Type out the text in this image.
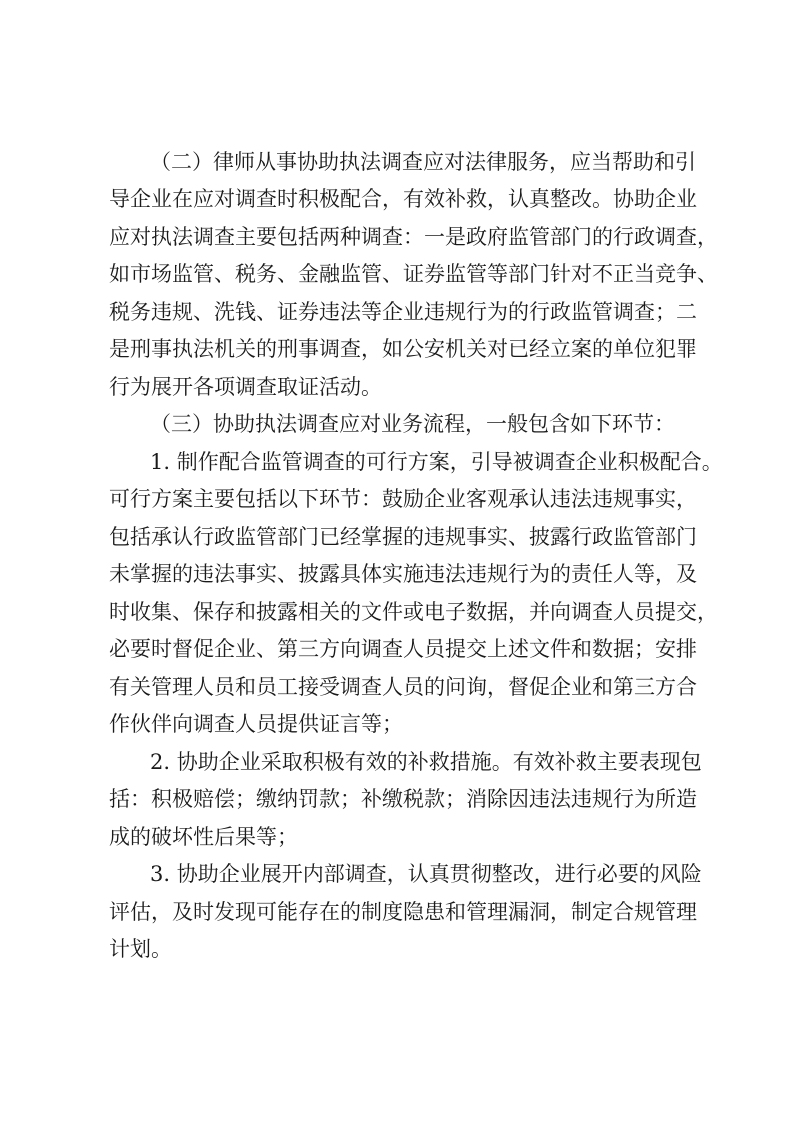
（二）律师从事协助执法调查应对法律服务，应当帮助和引
导企业在应对调查时积极配合，有效补救，认真整改。协助企业
应对执法调查主要包括两种调查：一是政府监管部门的行政调查，
如市场监管、税务、金融监管、证券监管等部门针对不正当竞争、
税务违规、洗钱、证券违法等企业违规行为的行政监管调查；二
是刑事执法机关的刑事调查，如公安机关对已经立案的单位犯罪
行为展开各项调查取证活动。
（三）协助执法调查应对业务流程，一般包含如下环节：
1. 制作配合监管调查的可行方案，引导被调查企业积极配合。
可行方案主要包括以下环节：鼓励企业客观承认违法违规事实，
包括承认行政监管部门已经掌握的违规事实、披露行政监管部门
未掌握的违法事实、披露具体实施违法违规行为的责任人等，及
时收集、保存和披露相关的文件或电子数据，并向调查人员提交，
必要时督促企业、第三方向调查人员提交上述文件和数据；安排
有关管理人员和员工接受调查人员的问询，督促企业和第三方合
作伙伴向调查人员提供证言等；
2. 协助企业采取积极有效的补救措施。有效补救主要表现包
括：积极赔偿；缴纳罚款；补缴税款；消除因违法违规行为所造
成的破坏性后果等；
3. 协助企业展开内部调查，认真贯彻整改，进行必要的风险
评估，及时发现可能存在的制度隐患和管理漏洞，制定合规管理
计划。
